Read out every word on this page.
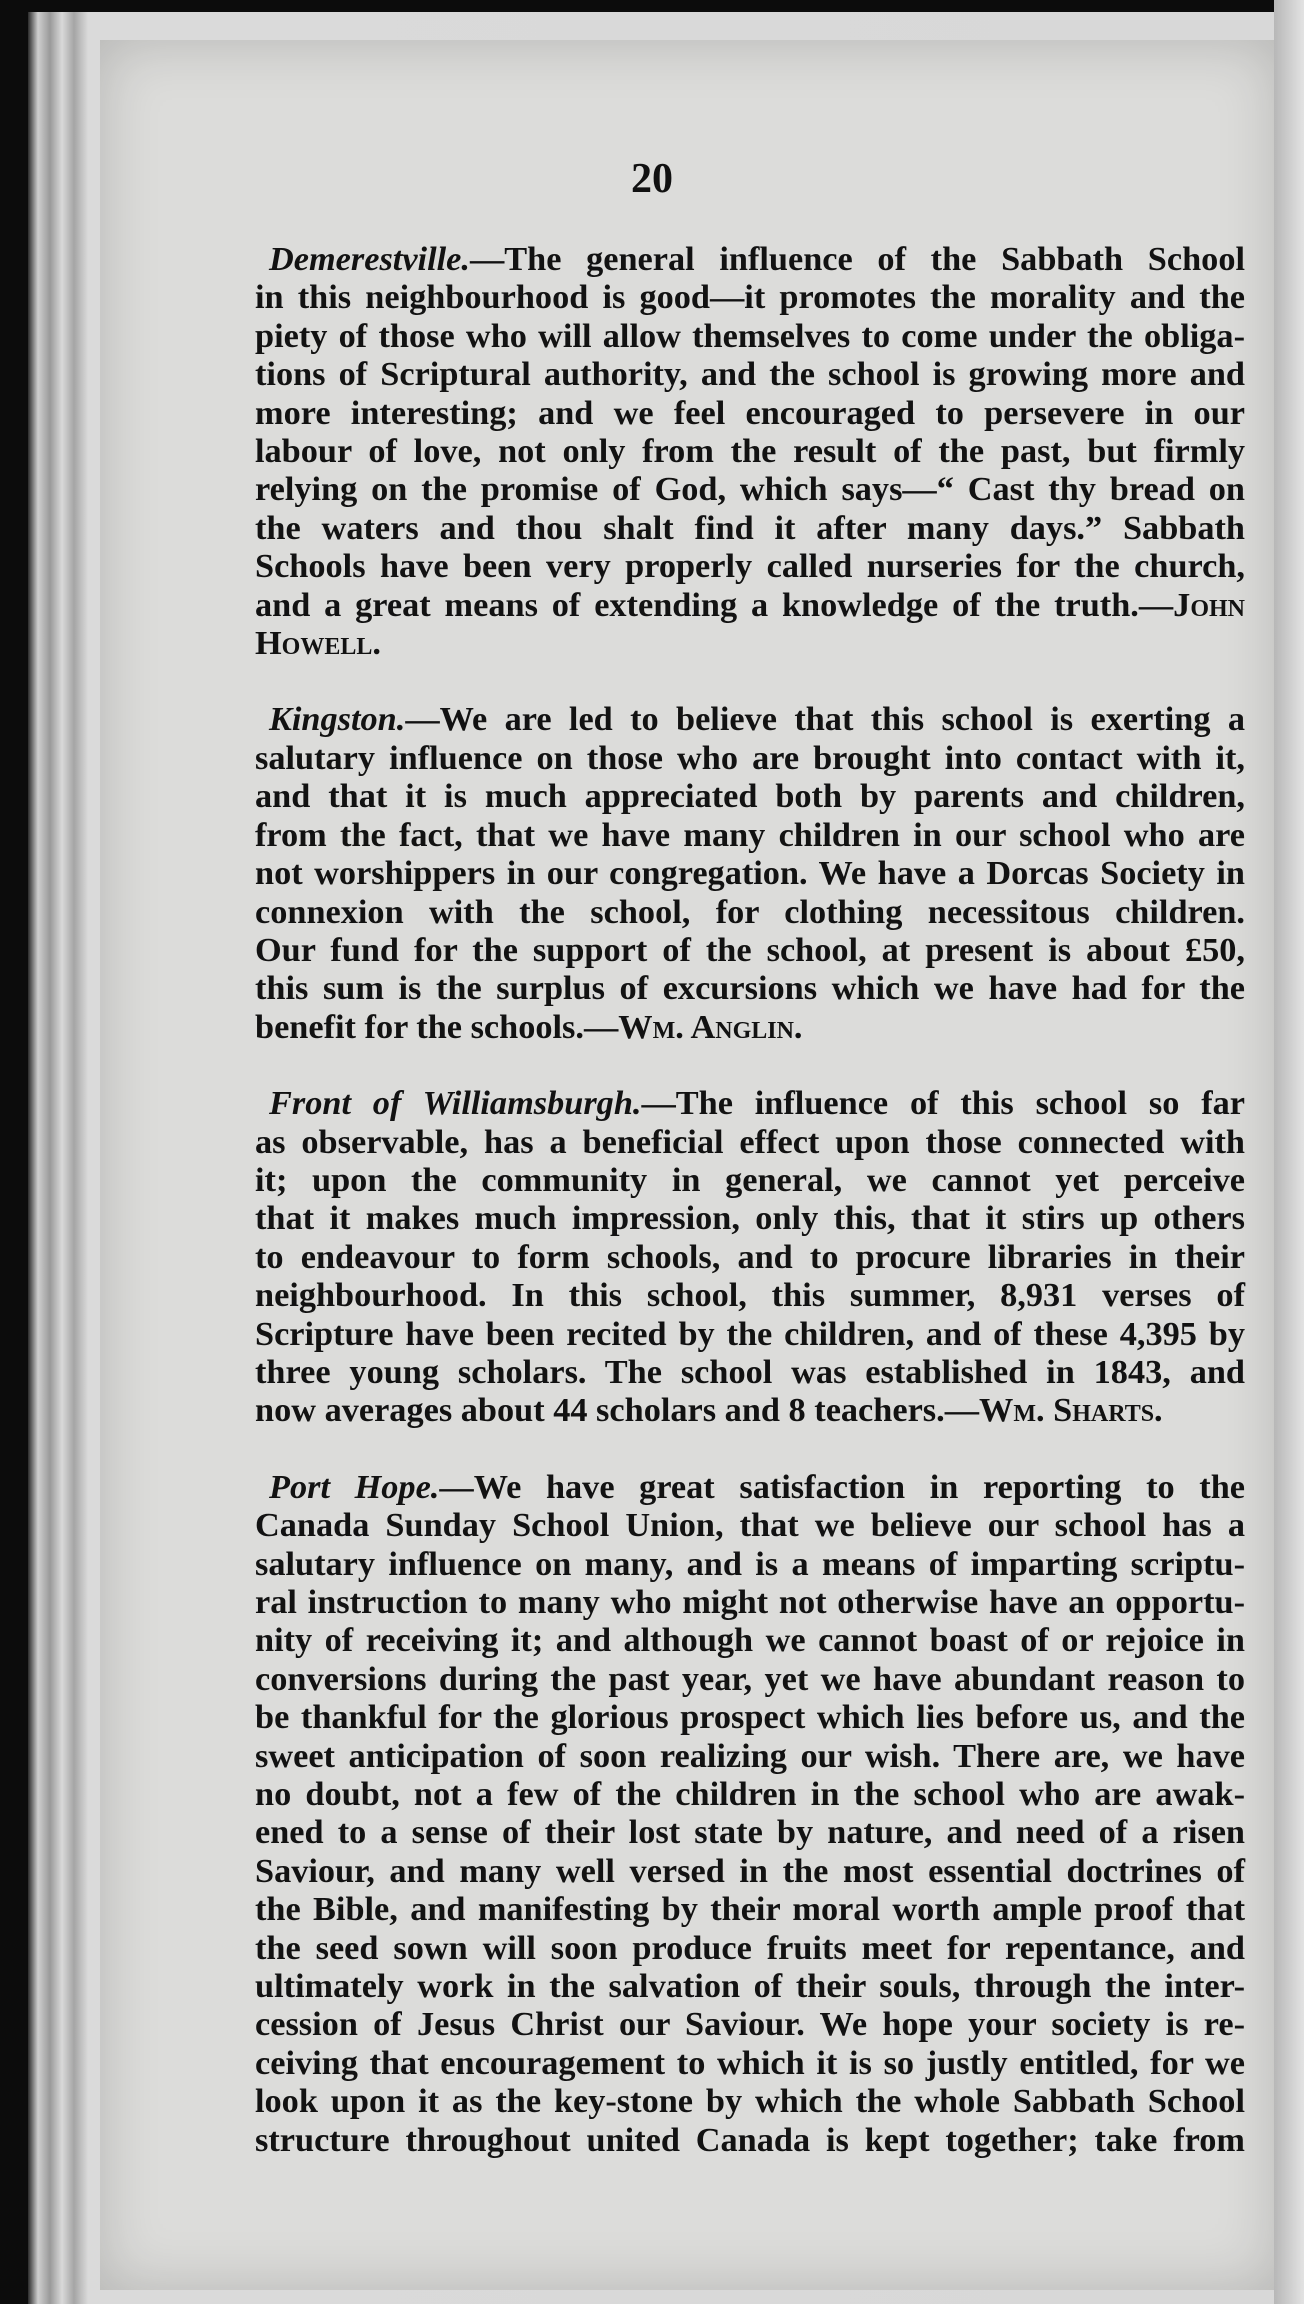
20
Demerestville.—The general influence of the Sabbath School
in this neighbourhood is good—it promotes the morality and the
piety of those who will allow themselves to come under the obliga-
tions of Scriptural authority, and the school is growing more and
more interesting; and we feel encouraged to persevere in our
labour of love, not only from the result of the past, but firmly
relying on the promise of God, which says—“ Cast thy bread on
the waters and thou shalt find it after many days.” Sabbath
Schools have been very properly called nurseries for the church,
and a great means of extending a knowledge of the truth.—John
Howell.
Kingston.—We are led to believe that this school is exerting a
salutary influence on those who are brought into contact with it,
and that it is much appreciated both by parents and children,
from the fact, that we have many children in our school who are
not worshippers in our congregation. We have a Dorcas Society in
connexion with the school, for clothing necessitous children.
Our fund for the support of the school, at present is about £50,
this sum is the surplus of excursions which we have had for the
benefit for the schools.—Wm. Anglin.
Front of Williamsburgh.—The influence of this school so far
as observable, has a beneficial effect upon those connected with
it; upon the community in general, we cannot yet perceive
that it makes much impression, only this, that it stirs up others
to endeavour to form schools, and to procure libraries in their
neighbourhood. In this school, this summer, 8,931 verses of
Scripture have been recited by the children, and of these 4,395 by
three young scholars. The school was established in 1843, and
now averages about 44 scholars and 8 teachers.—Wm. Sharts.
Port Hope.—We have great satisfaction in reporting to the
Canada Sunday School Union, that we believe our school has a
salutary influence on many, and is a means of imparting scriptu-
ral instruction to many who might not otherwise have an opportu-
nity of receiving it; and although we cannot boast of or rejoice in
conversions during the past year, yet we have abundant reason to
be thankful for the glorious prospect which lies before us, and the
sweet anticipation of soon realizing our wish. There are, we have
no doubt, not a few of the children in the school who are awak-
ened to a sense of their lost state by nature, and need of a risen
Saviour, and many well versed in the most essential doctrines of
the Bible, and manifesting by their moral worth ample proof that
the seed sown will soon produce fruits meet for repentance, and
ultimately work in the salvation of their souls, through the inter-
cession of Jesus Christ our Saviour. We hope your society is re-
ceiving that encouragement to which it is so justly entitled, for we
look upon it as the key-stone by which the whole Sabbath School
structure throughout united Canada is kept together; take from
